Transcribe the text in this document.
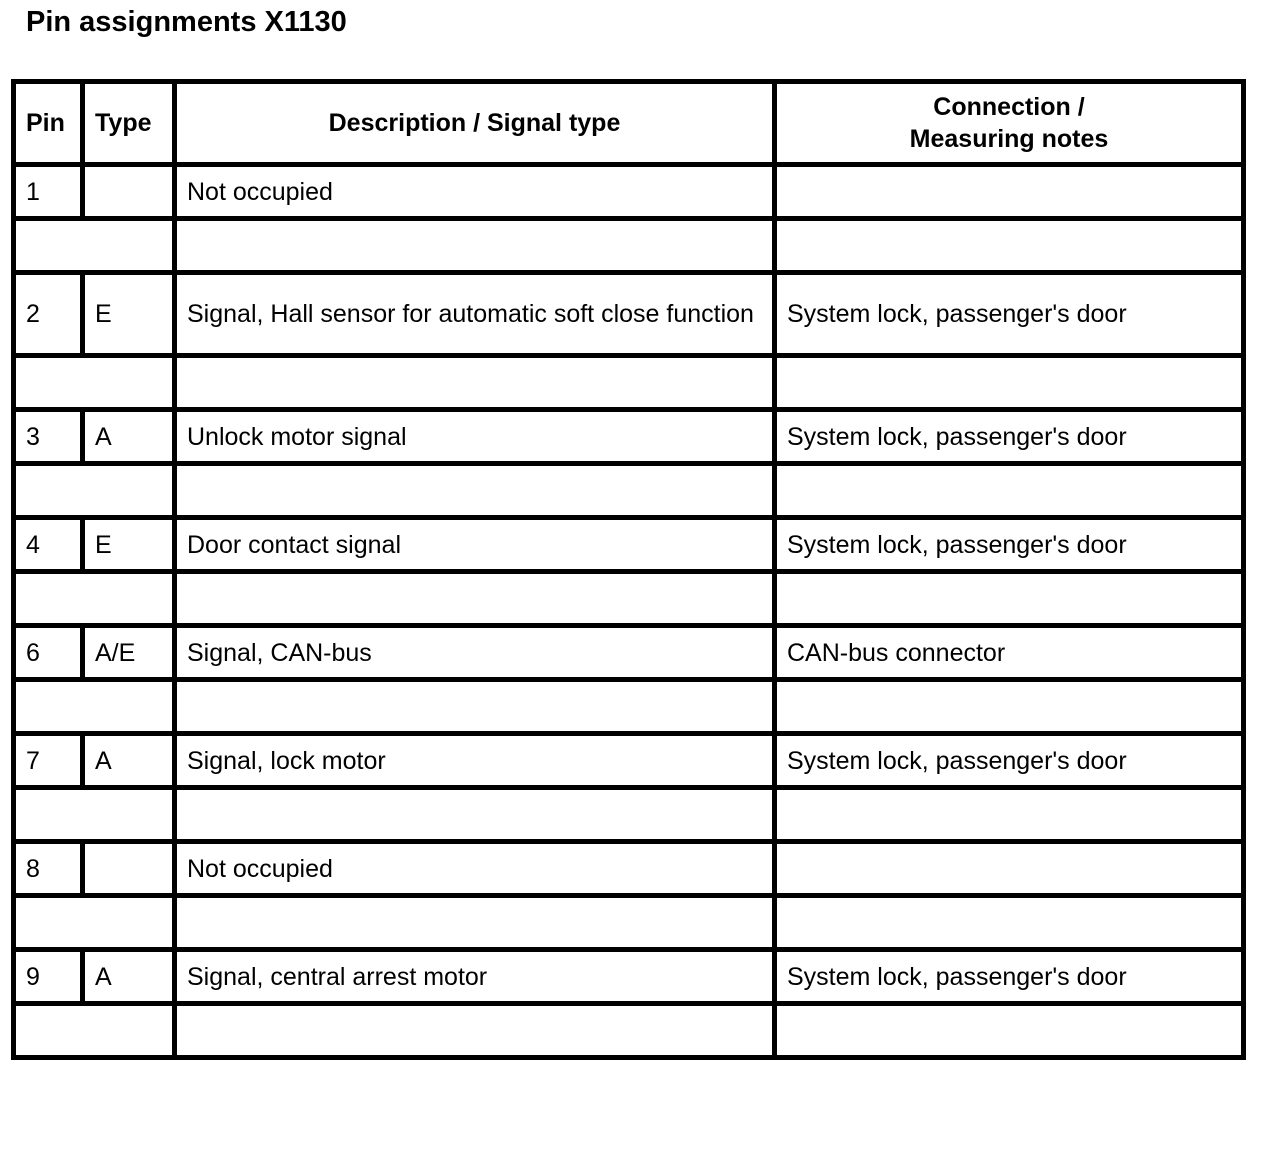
Pin assignments X1130
Pin	Type	Description / Signal type	Connection /
Measuring notes
1		Not occupied	

2	E	Signal, Hall sensor for automatic soft close function	System lock, passenger's door

3	A	Unlock motor signal	System lock, passenger's door

4	E	Door contact signal	System lock, passenger's door

6	A/E	Signal, CAN-bus	CAN-bus connector

7	A	Signal, lock motor	System lock, passenger's door

8		Not occupied	

9	A	Signal, central arrest motor	System lock, passenger's door
